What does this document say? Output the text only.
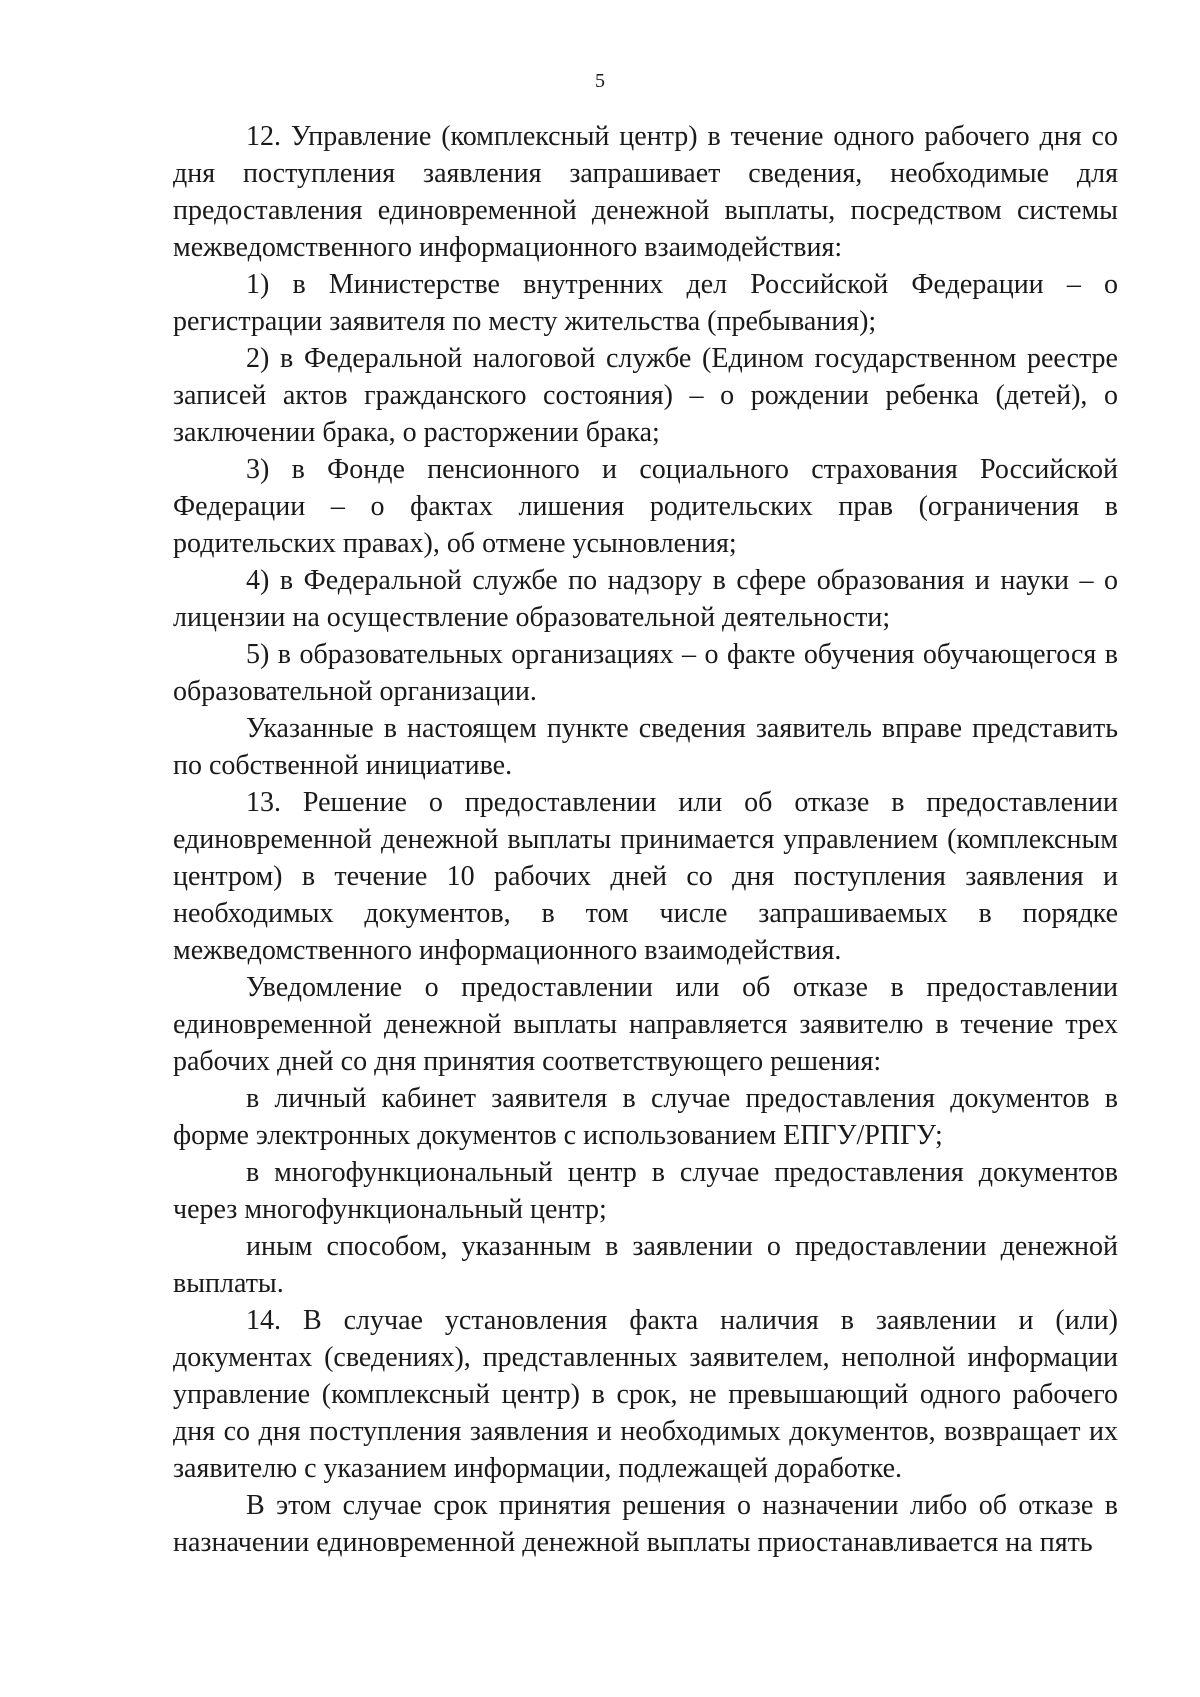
5

12. Управление (комплексный центр) в течение одного рабочего дня со дня поступления заявления запрашивает сведения, необходимые для предоставления единовременной денежной выплаты, посредством системы межведомственного информационного взаимодействия:

1) в Министерстве внутренних дел Российской Федерации – о регистрации заявителя по месту жительства (пребывания);

2) в Федеральной налоговой службе (Едином государственном реестре записей актов гражданского состояния) – о рождении ребенка (детей), о заключении брака, о расторжении брака;

3) в Фонде пенсионного и социального страхования Российской Федерации – о фактах лишения родительских прав (ограничения в родительских правах), об отмене усыновления;

4) в Федеральной службе по надзору в сфере образования и науки – о лицензии на осуществление образовательной деятельности;

5) в образовательных организациях – о факте обучения обучающегося в образовательной организации.

Указанные в настоящем пункте сведения заявитель вправе представить по собственной инициативе.

13. Решение о предоставлении или об отказе в предоставлении единовременной денежной выплаты принимается управлением (комплексным центром) в течение 10 рабочих дней со дня поступления заявления и необходимых документов, в том числе запрашиваемых в порядке межведомственного информационного взаимодействия.

Уведомление о предоставлении или об отказе в предоставлении единовременной денежной выплаты направляется заявителю в течение трех рабочих дней со дня принятия соответствующего решения:

в личный кабинет заявителя в случае предоставления документов в форме электронных документов с использованием ЕПГУ/РПГУ;

в многофункциональный центр в случае предоставления документов через многофункциональный центр;

иным способом, указанным в заявлении о предоставлении денежной выплаты.

14. В случае установления факта наличия в заявлении и (или) документах (сведениях), представленных заявителем, неполной информации управление (комплексный центр) в срок, не превышающий одного рабочего дня со дня поступления заявления и необходимых документов, возвращает их заявителю с указанием информации, подлежащей доработке.

В этом случае срок принятия решения о назначении либо об отказе в назначении единовременной денежной выплаты приостанавливается на пять
